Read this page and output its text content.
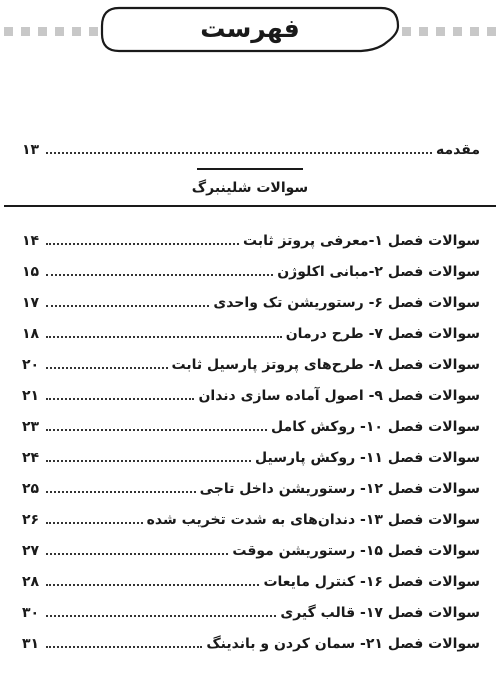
فهرست
مقدمه
۱۳
سوالات شلینبرگ
سوالات فصل ۱-معرفی پروتز ثابت
۱۴
سوالات فصل ۲-مبانی اکلوژن
۱۵
سوالات فصل ۶- رستوریشن تک واحدی
۱۷
سوالات فصل ۷- طرح درمان
۱۸
سوالات فصل ۸- طرح‌های پروتز پارسیل ثابت
۲۰
سوالات فصل ۹- اصول آماده سازی دندان
۲۱
سوالات فصل ۱۰- روکش کامل
۲۳
سوالات فصل ۱۱- روکش پارسیل
۲۴
سوالات فصل ۱۲- رستوریشن داخل تاجی
۲۵
سوالات فصل ۱۳- دندان‌های به شدت تخریب شده
۲۶
سوالات فصل ۱۵- رستوریشن موقت
۲۷
سوالات فصل ۱۶- کنترل مایعات
۲۸
سوالات فصل ۱۷- قالب گیری
۳۰
سوالات فصل ۲۱- سمان کردن و باندینگ
۳۱
